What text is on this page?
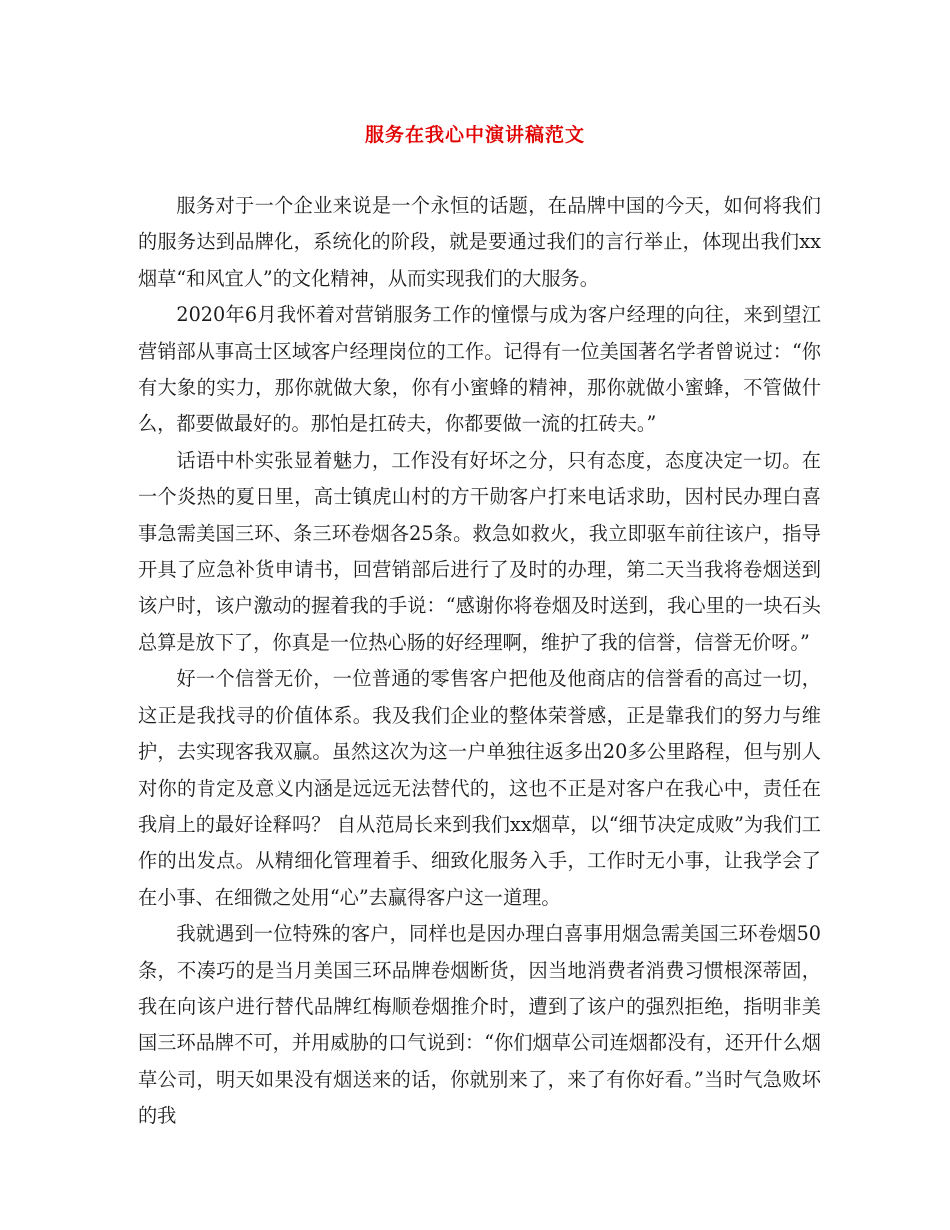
服务在我心中演讲稿范文

服务对于一个企业来说是一个永恒的话题，在品牌中国的今天，如何将我们的服务达到品牌化，系统化的阶段，就是要通过我们的言行举止，体现出我们xx烟草“和风宜人”的文化精神，从而实现我们的大服务。

2020年6月我怀着对营销服务工作的憧憬与成为客户经理的向往，来到望江营销部从事高士区域客户经理岗位的工作。记得有一位美国著名学者曾说过：“你有大象的实力，那你就做大象，你有小蜜蜂的精神，那你就做小蜜蜂，不管做什么，都要做最好的。那怕是扛砖夫，你都要做一流的扛砖夫。”

话语中朴实张显着魅力，工作没有好坏之分，只有态度，态度决定一切。在一个炎热的夏日里，高士镇虎山村的方干勋客户打来电话求助，因村民办理白喜事急需美国三环、条三环卷烟各25条。救急如救火，我立即驱车前往该户，指导开具了应急补货申请书，回营销部后进行了及时的办理，第二天当我将卷烟送到该户时，该户激动的握着我的手说：“感谢你将卷烟及时送到，我心里的一块石头总算是放下了，你真是一位热心肠的好经理啊，维护了我的信誉，信誉无价呀。”

好一个信誉无价，一位普通的零售客户把他及他商店的信誉看的高过一切，这正是我找寻的价值体系。我及我们企业的整体荣誉感，正是靠我们的努力与维护，去实现客我双赢。虽然这次为这一户单独往返多出20多公里路程，但与别人对你的肯定及意义内涵是远远无法替代的，这也不正是对客户在我心中，责任在我肩上的最好诠释吗？ 自从范局长来到我们xx烟草，以“细节决定成败”为我们工作的出发点。从精细化管理着手、细致化服务入手，工作时无小事，让我学会了在小事、在细微之处用“心”去赢得客户这一道理。

我就遇到一位特殊的客户，同样也是因办理白喜事用烟急需美国三环卷烟50条，不凑巧的是当月美国三环品牌卷烟断货，因当地消费者消费习惯根深蒂固，我在向该户进行替代品牌红梅顺卷烟推介时，遭到了该户的强烈拒绝，指明非美国三环品牌不可，并用威胁的口气说到：“你们烟草公司连烟都没有，还开什么烟草公司，明天如果没有烟送来的话，你就别来了，来了有你好看。”当时气急败坏的我
